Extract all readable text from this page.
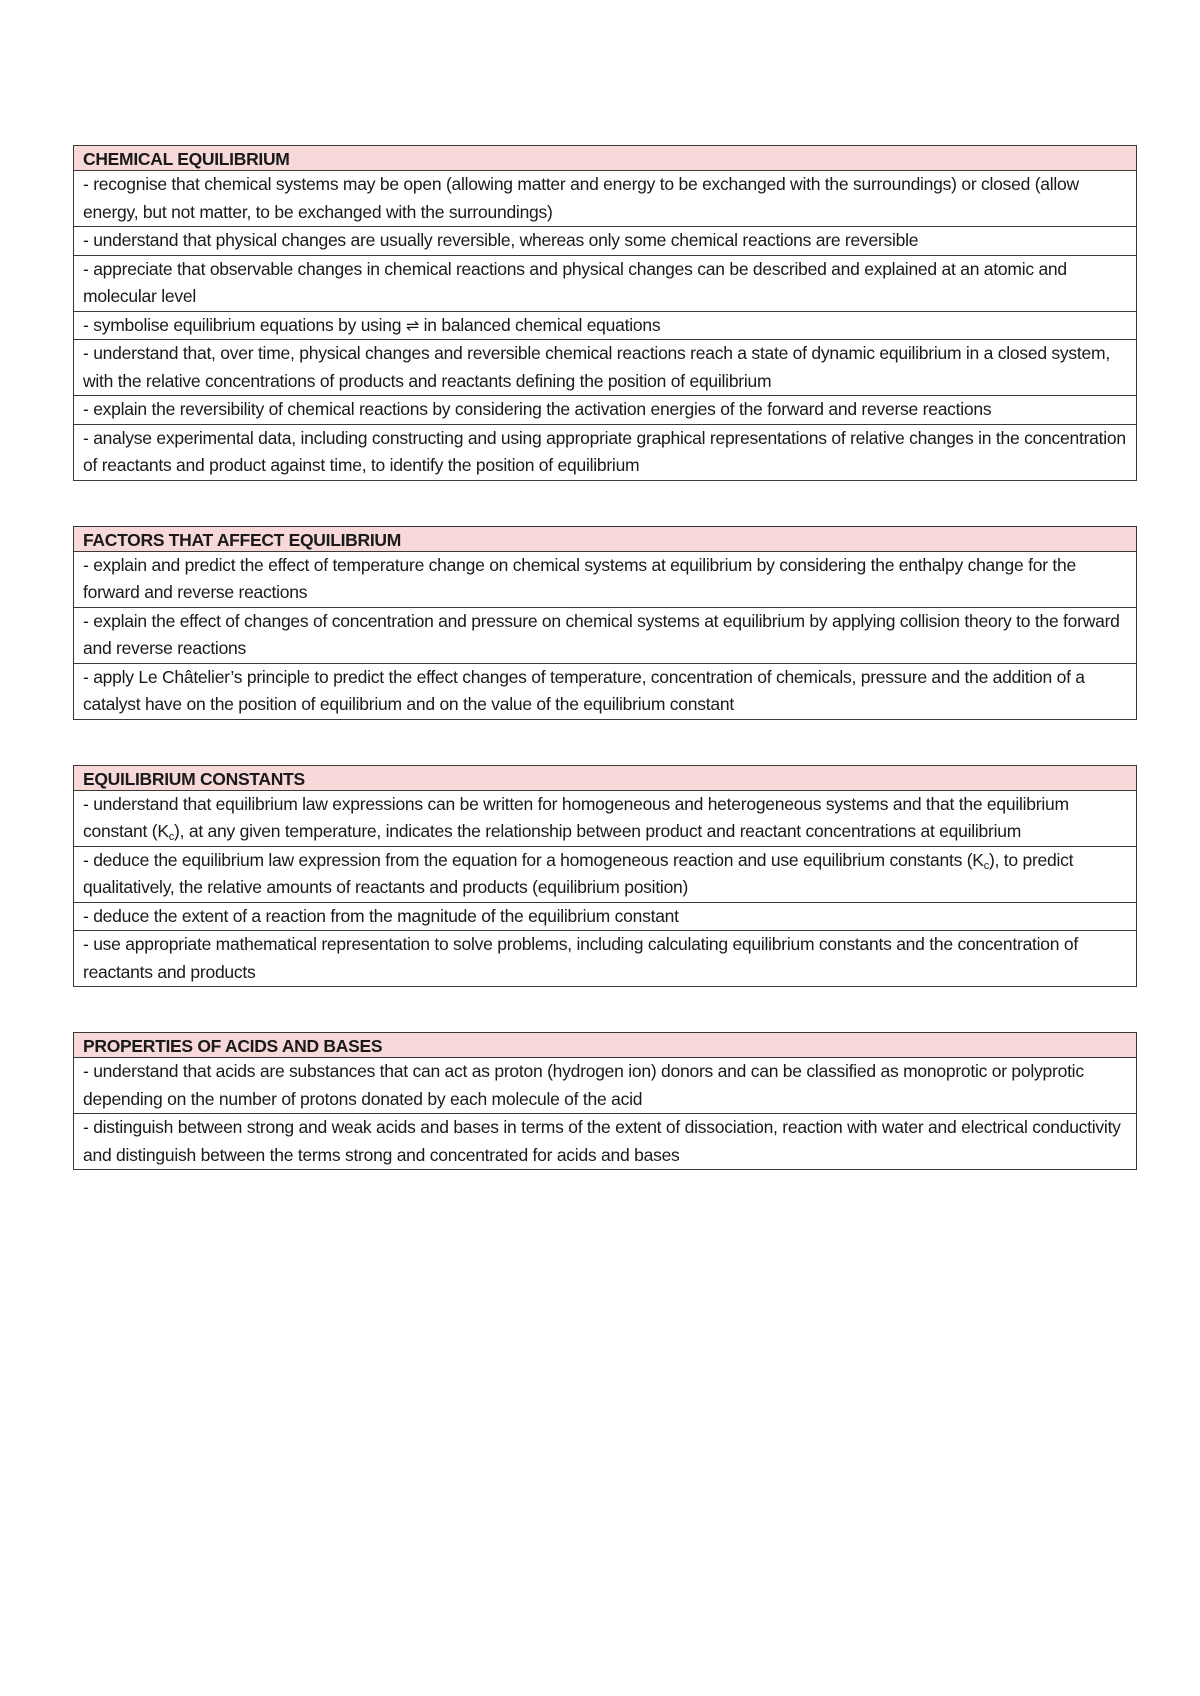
CHEMICAL EQUILIBRIUM
- recognise that chemical systems may be open (allowing matter and energy to be exchanged with the surroundings) or closed (allow energy, but not matter, to be exchanged with the surroundings)
- understand that physical changes are usually reversible, whereas only some chemical reactions are reversible
- appreciate that observable changes in chemical reactions and physical changes can be described and explained at an atomic and molecular level
- symbolise equilibrium equations by using ⇌ in balanced chemical equations
- understand that, over time, physical changes and reversible chemical reactions reach a state of dynamic equilibrium in a closed system, with the relative concentrations of products and reactants defining the position of equilibrium
- explain the reversibility of chemical reactions by considering the activation energies of the forward and reverse reactions
- analyse experimental data, including constructing and using appropriate graphical representations of relative changes in the concentration of reactants and product against time, to identify the position of equilibrium
FACTORS THAT AFFECT EQUILIBRIUM
- explain and predict the effect of temperature change on chemical systems at equilibrium by considering the enthalpy change for the forward and reverse reactions
- explain the effect of changes of concentration and pressure on chemical systems at equilibrium by applying collision theory to the forward and reverse reactions
- apply Le Châtelier’s principle to predict the effect changes of temperature, concentration of chemicals, pressure and the addition of a catalyst have on the position of equilibrium and on the value of the equilibrium constant
EQUILIBRIUM CONSTANTS
- understand that equilibrium law expressions can be written for homogeneous and heterogeneous systems and that the equilibrium constant $(K_c)$, at any given temperature, indicates the relationship between product and reactant concentrations at equilibrium
- deduce the equilibrium law expression from the equation for a homogeneous reaction and use equilibrium constants $(K_c)$, to predict qualitatively, the relative amounts of reactants and products (equilibrium position)
- deduce the extent of a reaction from the magnitude of the equilibrium constant
- use appropriate mathematical representation to solve problems, including calculating equilibrium constants and the concentration of reactants and products
PROPERTIES OF ACIDS AND BASES
- understand that acids are substances that can act as proton (hydrogen ion) donors and can be classified as monoprotic or polyprotic depending on the number of protons donated by each molecule of the acid
- distinguish between strong and weak acids and bases in terms of the extent of dissociation, reaction with water and electrical conductivity and distinguish between the terms strong and concentrated for acids and bases
